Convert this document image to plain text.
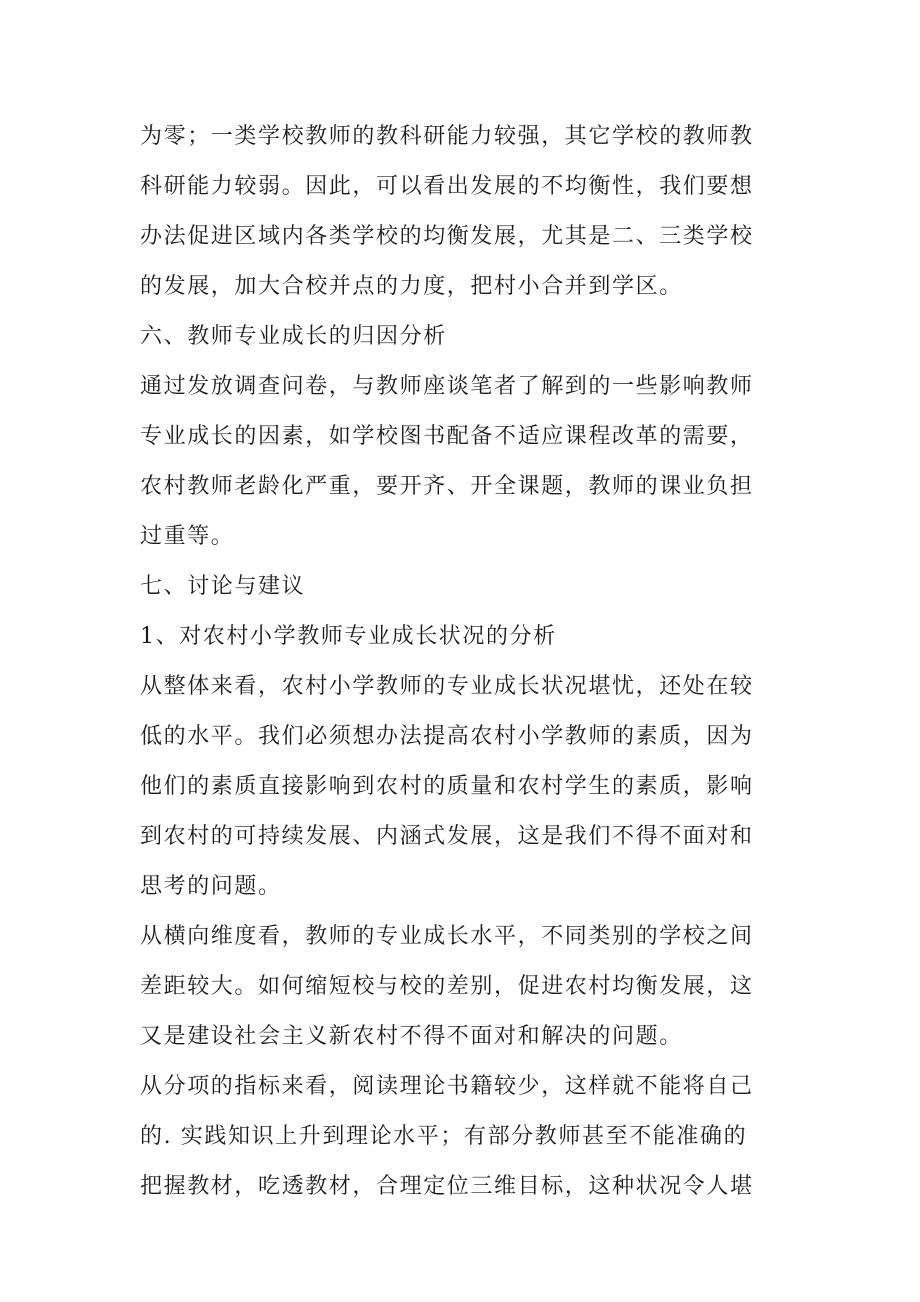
为零；一类学校教师的教科研能力较强，其它学校的教师教
科研能力较弱。因此，可以看出发展的不均衡性，我们要想
办法促进区域内各类学校的均衡发展，尤其是二、三类学校
的发展，加大合校并点的力度，把村小合并到学区。
六、教师专业成长的归因分析
通过发放调查问卷，与教师座谈笔者了解到的一些影响教师
专业成长的因素，如学校图书配备不适应课程改革的需要，
农村教师老龄化严重，要开齐、开全课题，教师的课业负担
过重等。
七、讨论与建议
1、对农村小学教师专业成长状况的分析
从整体来看，农村小学教师的专业成长状况堪忧，还处在较
低的水平。我们必须想办法提高农村小学教师的素质，因为
他们的素质直接影响到农村的质量和农村学生的素质，影响
到农村的可持续发展、内涵式发展，这是我们不得不面对和
思考的问题。
从横向维度看，教师的专业成长水平，不同类别的学校之间
差距较大。如何缩短校与校的差别，促进农村均衡发展，这
又是建设社会主义新农村不得不面对和解决的问题。
从分项的指标来看，阅读理论书籍较少，这样就不能将自己
的. 实践知识上升到理论水平；有部分教师甚至不能准确的
把握教材，吃透教材，合理定位三维目标，这种状况令人堪
